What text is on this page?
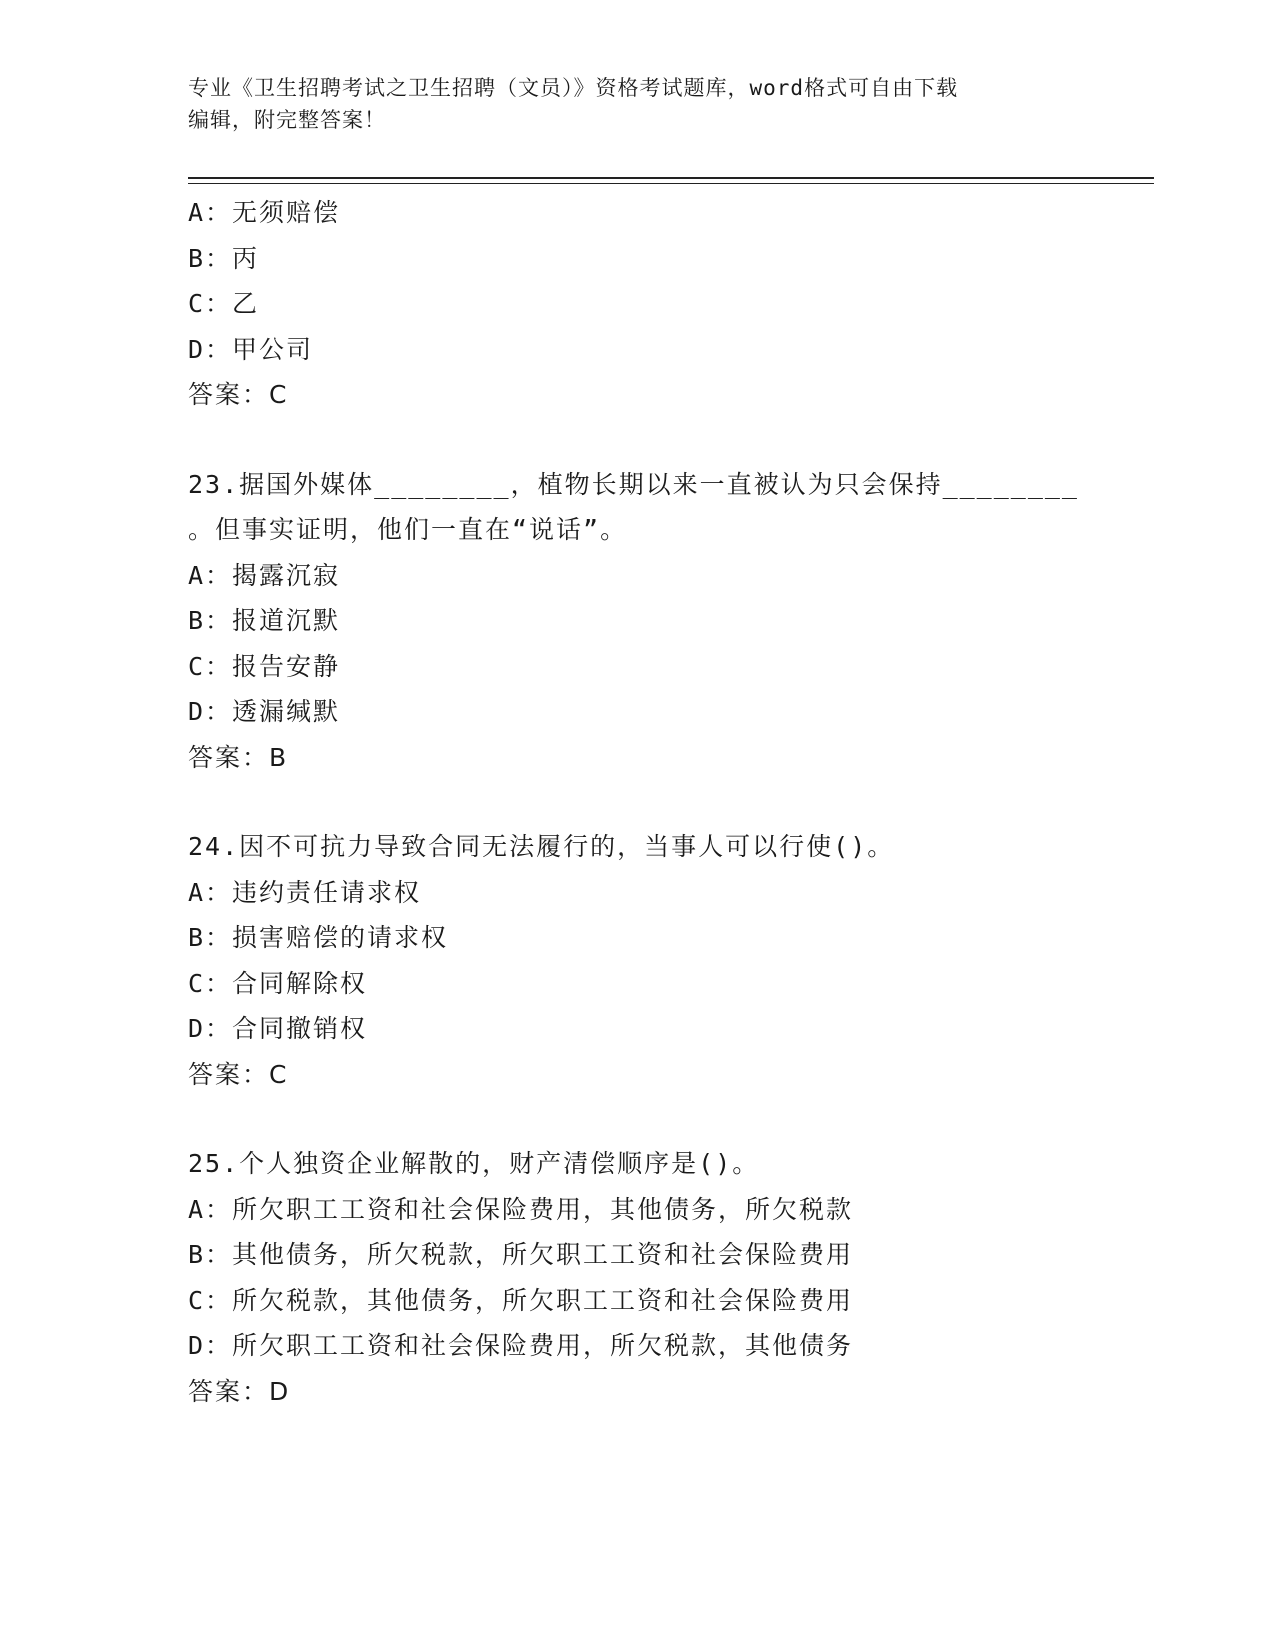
专业《卫生招聘考试之卫生招聘（文员）》资格考试题库，word格式可自由下载
编辑，附完整答案！
A：无须赔偿
B：丙
C：乙
D：甲公司
答案：C
23.据国外媒体________，植物长期以来一直被认为只会保持________
。但事实证明，他们一直在“说话”。
A：揭露沉寂
B：报道沉默
C：报告安静
D：透漏缄默
答案：B
24.因不可抗力导致合同无法履行的，当事人可以行使()。
A：违约责任请求权
B：损害赔偿的请求权
C：合同解除权
D：合同撤销权
答案：C
25.个人独资企业解散的，财产清偿顺序是()。
A：所欠职工工资和社会保险费用，其他债务，所欠税款
B：其他债务，所欠税款，所欠职工工资和社会保险费用
C：所欠税款，其他债务，所欠职工工资和社会保险费用
D：所欠职工工资和社会保险费用，所欠税款，其他债务
答案：D
